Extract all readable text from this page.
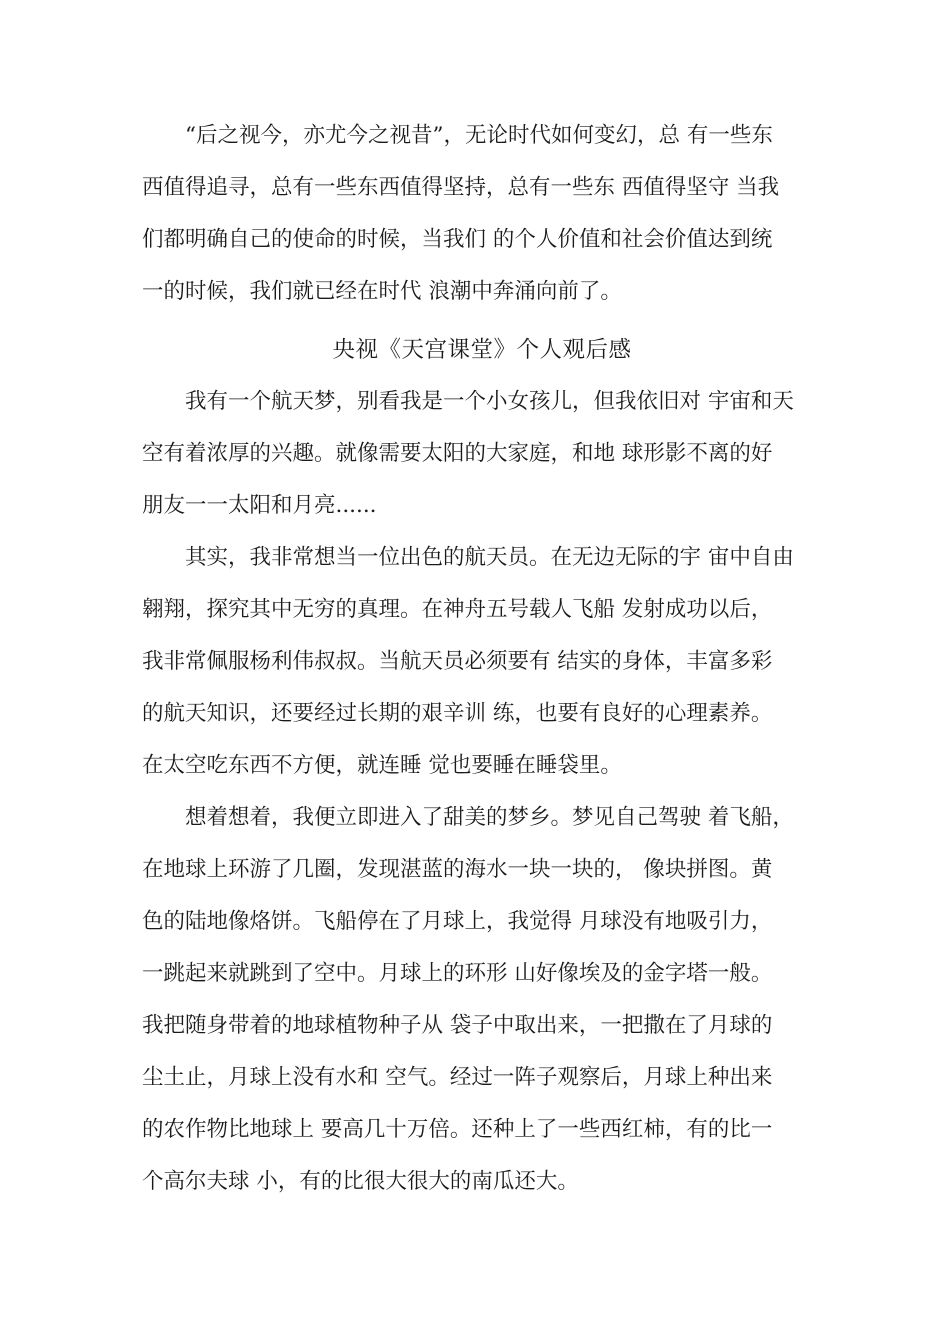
“后之视今，亦尤今之视昔”，无论时代如何变幻，总 有一些东
西值得追寻，总有一些东西值得坚持，总有一些东 西值得坚守 当我
们都明确自己的使命的时候，当我们 的个人价值和社会价值达到统
一的时候，我们就已经在时代 浪潮中奔涌向前了。
央视《天宫课堂》个人观后感
我有一个航天梦，别看我是一个小女孩儿，但我依旧对 宇宙和天
空有着浓厚的兴趣。就像需要太阳的大家庭，和地 球形影不离的好
朋友一一太阳和月亮......
其实，我非常想当一位出色的航天员。在无边无际的宇 宙中自由
翱翔，探究其中无穷的真理。在神舟五号载人飞船 发射成功以后，
我非常佩服杨利伟叔叔。当航天员必须要有 结实的身体，丰富多彩
的航天知识，还要经过长期的艰辛训 练，也要有良好的心理素养。
在太空吃东西不方便，就连睡 觉也要睡在睡袋里。
想着想着，我便立即进入了甜美的梦乡。梦见自己驾驶 着飞船，
在地球上环游了几圈，发现湛蓝的海水一块一块的， 像块拼图。黄
色的陆地像烙饼。飞船停在了月球上，我觉得 月球没有地吸引力，
一跳起来就跳到了空中。月球上的环形 山好像埃及的金字塔一般。
我把随身带着的地球植物种子从 袋子中取出来，一把撒在了月球的
尘土止，月球上没有水和 空气。经过一阵子观察后，月球上种出来
的农作物比地球上 要高几十万倍。还种上了一些西红柿，有的比一
个高尔夫球 小，有的比很大很大的南瓜还大。
